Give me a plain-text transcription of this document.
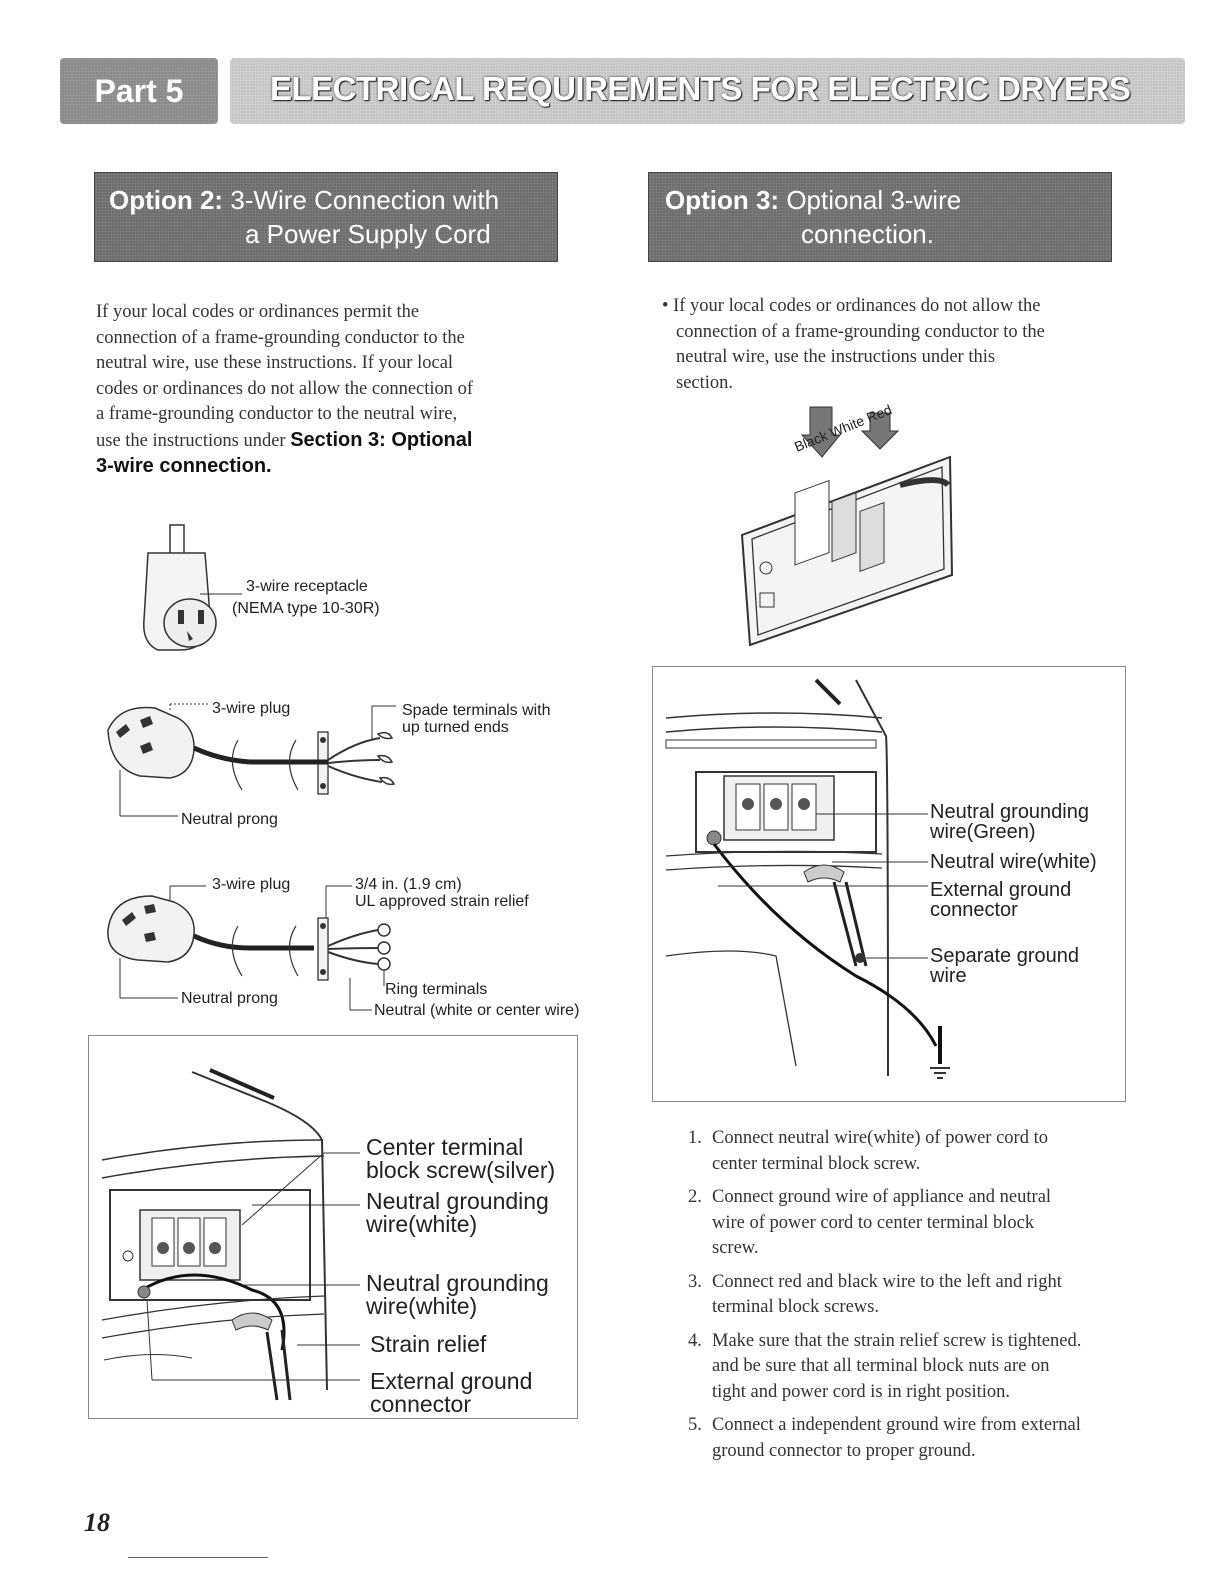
Part 5	ELECTRICAL REQUIREMENTS FOR ELECTRIC DRYERS
Option 2: 3-Wire Connection with
a Power Supply Cord
Option 3: Optional 3-wire
connection.
If your local codes or ordinances permit the
connection of a frame-grounding conductor to the
neutral wire, use these instructions. If your local
codes or ordinances do not allow the connection of
a frame-grounding conductor to the neutral wire,
use the instructions under Section 3: Optional
3-wire connection.
• If your local codes or ordinances do not allow the
connection of a frame-grounding conductor to the
neutral wire, use the instructions under this
section.
3-wire receptacle
(NEMA type 10-30R)
3-wire plug	Spade terminals with
up turned ends
Neutral prong
3-wire plug	3/4 in. (1.9 cm)
UL approved strain relief
Ring terminals
Neutral (white or center wire)
Neutral prong
Center terminal
block screw(silver)
Neutral grounding
wire(white)
Neutral grounding
wire(white)
Strain relief
External ground
connector
Black White Red
Neutral grounding
wire(Green)
Neutral wire(white)
External ground
connector
Separate ground
wire
1. Connect neutral wire(white) of power cord to
center terminal block screw.
2. Connect ground wire of appliance and neutral
wire of power cord to center terminal block
screw.
3. Connect red and black wire to the left and right
terminal block screws.
4. Make sure that the strain relief screw is tightened.
and be sure that all terminal block nuts are on
tight and power cord is in right position.
5. Connect a independent ground wire from external
ground connector to proper ground.
18
